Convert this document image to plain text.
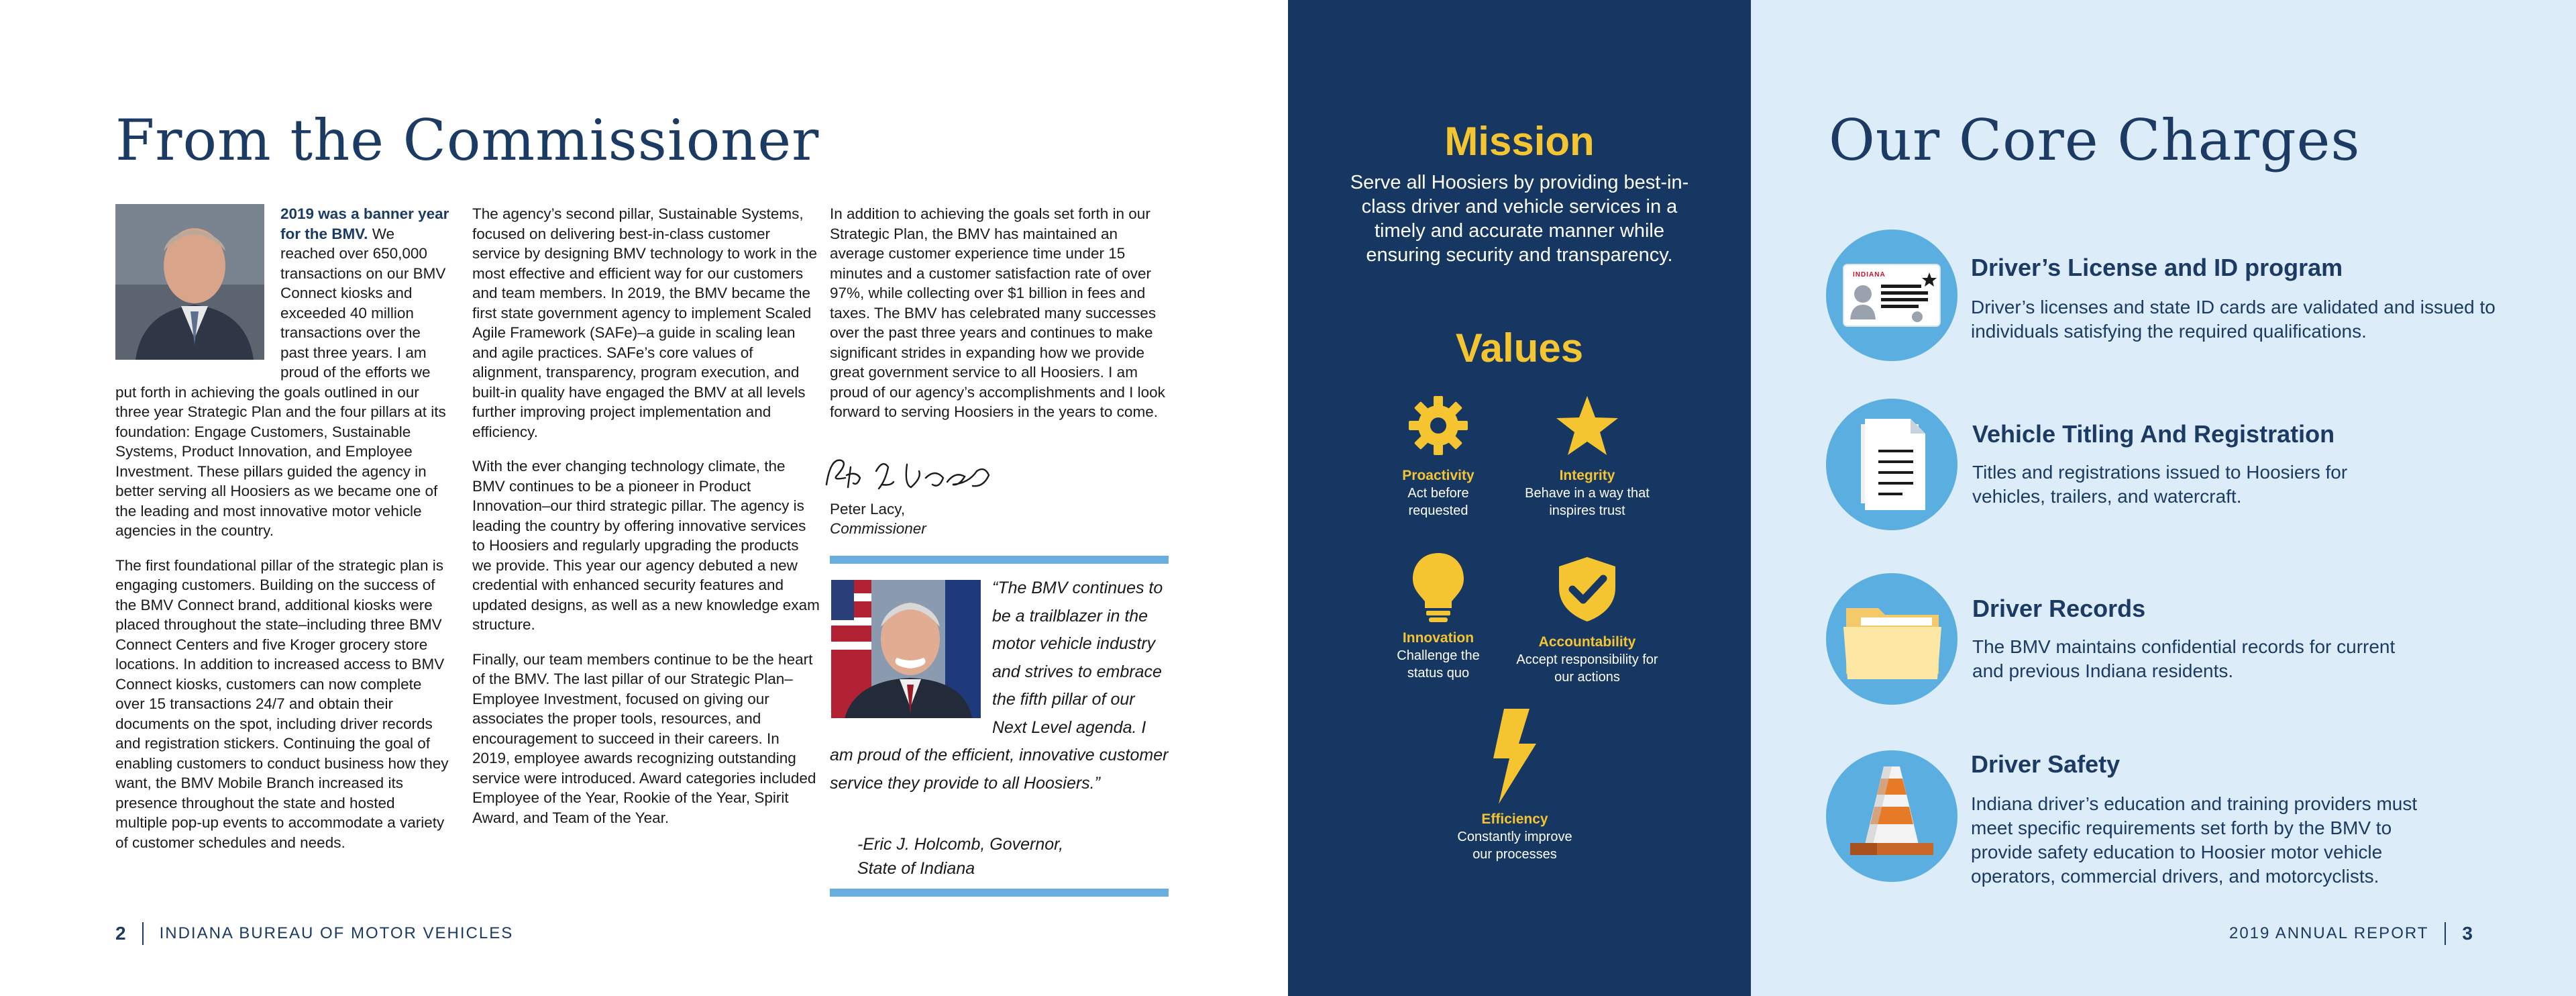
From the Commissioner

2019 was a banner year for the BMV. We reached over 650,000 transactions on our BMV Connect kiosks and exceeded 40 million transactions over the past three years. I am proud of the efforts we put forth in achieving the goals outlined in our three year Strategic Plan and the four pillars at its foundation: Engage Customers, Sustainable Systems, Product Innovation, and Employee Investment. These pillars guided the agency in better serving all Hoosiers as we became one of the leading and most innovative motor vehicle agencies in the country.

The first foundational pillar of the strategic plan is engaging customers. Building on the success of the BMV Connect brand, additional kiosks were placed throughout the state–including three BMV Connect Centers and five Kroger grocery store locations. In addition to increased access to BMV Connect kiosks, customers can now complete over 15 transactions 24/7 and obtain their documents on the spot, including driver records and registration stickers. Continuing the goal of enabling customers to conduct business how they want, the BMV Mobile Branch increased its presence throughout the state and hosted multiple pop-up events to accommodate a variety of customer schedules and needs.

The agency’s second pillar, Sustainable Systems, focused on delivering best-in-class customer service by designing BMV technology to work in the most effective and efficient way for our customers and team members. In 2019, the BMV became the first state government agency to implement Scaled Agile Framework (SAFe)–a guide in scaling lean and agile practices. SAFe’s core values of alignment, transparency, program execution, and built-in quality have engaged the BMV at all levels further improving project implementation and efficiency.

With the ever changing technology climate, the BMV continues to be a pioneer in Product Innovation–our third strategic pillar. The agency is leading the country by offering innovative services to Hoosiers and regularly upgrading the products we provide. This year our agency debuted a new credential with enhanced security features and updated designs, as well as a new knowledge exam structure.

Finally, our team members continue to be the heart of the BMV. The last pillar of our Strategic Plan–Employee Investment, focused on giving our associates the proper tools, resources, and encouragement to succeed in their careers. In 2019, employee awards recognizing outstanding service were introduced. Award categories included Employee of the Year, Rookie of the Year, Spirit Award, and Team of the Year.

In addition to achieving the goals set forth in our Strategic Plan, the BMV has maintained an average customer experience time under 15 minutes and a customer satisfaction rate of over 97%, while collecting over $1 billion in fees and taxes. The BMV has celebrated many successes over the past three years and continues to make significant strides in expanding how we provide great government service to all Hoosiers. I am proud of our agency’s accomplishments and I look forward to serving Hoosiers in the years to come.

Peter Lacy,
Commissioner
“The BMV continues to be a trailblazer in the motor vehicle industry and strives to embrace the fifth pillar of our Next Level agenda. I am proud of the efficient, innovative customer service they provide to all Hoosiers.”
-Eric J. Holcomb, Governor,
State of Indiana
2 INDIANA BUREAU OF MOTOR VEHICLES
Mission
Serve all Hoosiers by providing best-in-class driver and vehicle services in a timely and accurate manner while ensuring security and transparency.
Values
Proactivity
Act before requested
Integrity
Behave in a way that inspires trust
Innovation
Challenge the status quo
Accountability
Accept responsibility for our actions
Efficiency
Constantly improve our processes
Our Core Charges
INDIANA	Driver’s License and ID program
Driver’s licenses and state ID cards are validated and issued to individuals satisfying the required qualifications.
Vehicle Titling And Registration
Titles and registrations issued to Hoosiers for vehicles, trailers, and watercraft.
Driver Records
The BMV maintains confidential records for current and previous Indiana residents.
Driver Safety
Indiana driver’s education and training providers must meet specific requirements set forth by the BMV to provide safety education to Hoosier motor vehicle operators, commercial drivers, and motorcyclists.
2019 ANNUAL REPORT 3
